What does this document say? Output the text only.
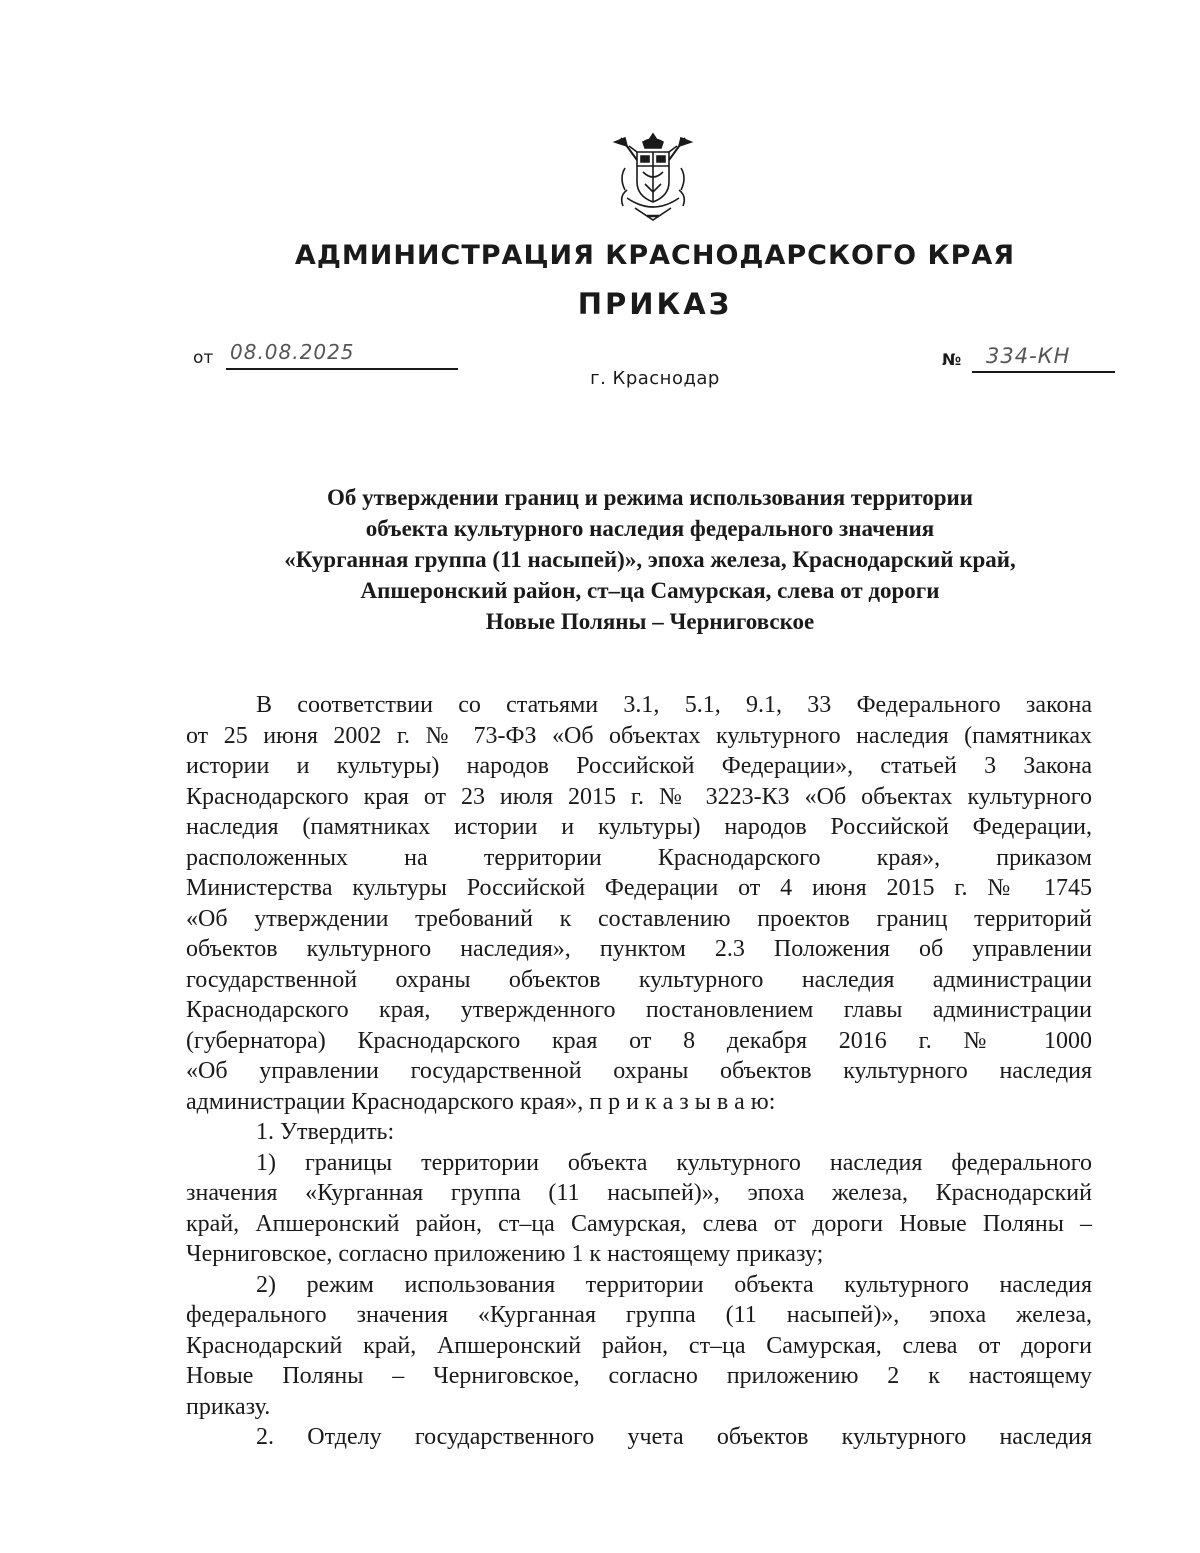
АДМИНИСТРАЦИЯ КРАСНОДАРСКОГО КРАЯ
ПРИКАЗ
от 08.08.2025
г. Краснодар
№ 334-КН
Об утверждении границ и режима использования территории
объекта культурного наследия федерального значения
«Курганная группа (11 насыпей)», эпоха железа, Краснодарский край,
Апшеронский район, ст–ца Самурская, слева от дороги
Новые Поляны – Черниговское
В соответствии со статьями 3.1, 5.1, 9.1, 33 Федерального закона
от 25 июня 2002 г. № 73-ФЗ «Об объектах культурного наследия (памятниках
истории и культуры) народов Российской Федерации», статьей 3 Закона
Краснодарского края от 23 июля 2015 г. № 3223-КЗ «Об объектах культурного
наследия (памятниках истории и культуры) народов Российской Федерации,
расположенных на территории Краснодарского края», приказом
Министерства культуры Российской Федерации от 4 июня 2015 г. № 1745
«Об утверждении требований к составлению проектов границ территорий
объектов культурного наследия», пунктом 2.3 Положения об управлении
государственной охраны объектов культурного наследия администрации
Краснодарского края, утвержденного постановлением главы администрации
(губернатора) Краснодарского края от 8 декабря 2016 г. № 1000
«Об управлении государственной охраны объектов культурного наследия
администрации Краснодарского края», п р и к а з ы в а ю:
1. Утвердить:
1) границы территории объекта культурного наследия федерального
значения «Курганная группа (11 насыпей)», эпоха железа, Краснодарский
край, Апшеронский район, ст–ца Самурская, слева от дороги Новые Поляны –
Черниговское, согласно приложению 1 к настоящему приказу;
2) режим использования территории объекта культурного наследия
федерального значения «Курганная группа (11 насыпей)», эпоха железа,
Краснодарский край, Апшеронский район, ст–ца Самурская, слева от дороги
Новые Поляны – Черниговское, согласно приложению 2 к настоящему
приказу.
2. Отделу государственного учета объектов культурного наследия
